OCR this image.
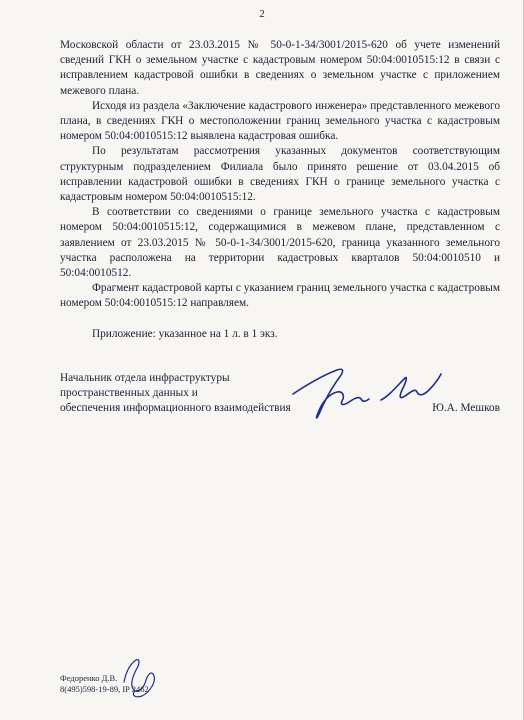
2

Московской области от 23.03.2015 № 50-0-1-34/3001/2015-620 об учете изменений сведений ГКН о земельном участке с кадастровым номером 50:04:0010515:12 в связи с исправлением кадастровой ошибки в сведениях о земельном участке с приложением межевого плана.

Исходя из раздела «Заключение кадастрового инженера» представленного межевого плана, в сведениях ГКН о местоположении границ земельного участка с кадастровым номером 50:04:0010515:12 выявлена кадастровая ошибка.

По результатам рассмотрения указанных документов соответствующим структурным подразделением Филиала было принято решение от 03.04.2015 об исправлении кадастровой ошибки в сведениях ГКН о границе земельного участка с кадастровым номером 50:04:0010515:12.

В соответствии со сведениями о границе земельного участка с кадастровым номером 50:04:0010515:12, содержащимися в межевом плане, представленном с заявлением от 23.03.2015 № 50-0-1-34/3001/2015-620, граница указанного земельного участка расположена на территории кадастровых кварталов 50:04:0010510 и 50:04:0010512.

Фрагмент кадастровой карты с указанием границ земельного участка с кадастровым номером 50:04:0010515:12 направляем.

Приложение: указанное на 1 л. в 1 экз.

Начальник отдела инфраструктуры
пространственных данных и
обеспечения информационного взаимодействия	Ю.А. Мешков
Федоренко Д.В.
8(495)598-19-89, IP 2462
